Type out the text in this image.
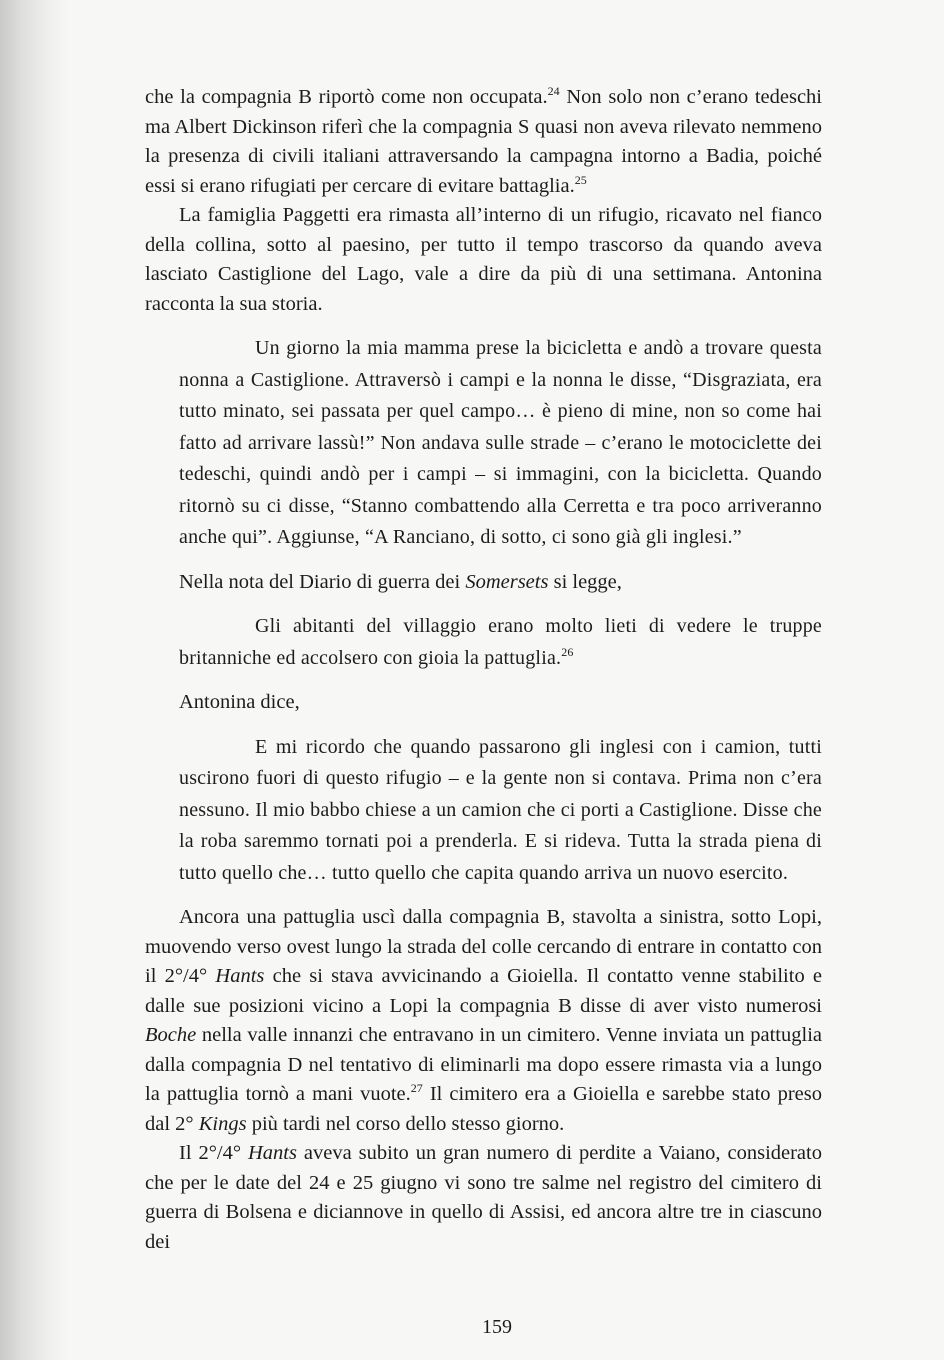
che la compagnia B riportò come non occupata.$^{24}$ Non solo non c’erano tedeschi ma Albert Dickinson riferì che la compagnia S quasi non aveva rilevato nemmeno la presenza di civili italiani attraversando la campagna intorno a Badia, poiché essi si erano rifugiati per cercare di evitare battaglia.$^{25}$

La famiglia Paggetti era rimasta all’interno di un rifugio, ricavato nel fianco della collina, sotto al paesino, per tutto il tempo trascorso da quando aveva lasciato Castiglione del Lago, vale a dire da più di una settimana. Antonina racconta la sua storia.

Un giorno la mia mamma prese la bicicletta e andò a trovare questa nonna a Castiglione. Attraversò i campi e la nonna le disse, “Disgraziata, era tutto minato, sei passata per quel campo… è pieno di mine, non so come hai fatto ad arrivare lassù!” Non andava sulle strade – c’erano le motociclette dei tedeschi, quindi andò per i campi – si immagini, con la bicicletta. Quando ritornò su ci disse, “Stanno combattendo alla Cerretta e tra poco arriveranno anche qui”. Aggiunse, “A Ranciano, di sotto, ci sono già gli inglesi.”

Nella nota del Diario di guerra dei Somersets si legge,

Gli abitanti del villaggio erano molto lieti di vedere le truppe britanniche ed accolsero con gioia la pattuglia.$^{26}$

Antonina dice,

E mi ricordo che quando passarono gli inglesi con i camion, tutti uscirono fuori di questo rifugio – e la gente non si contava. Prima non c’era nessuno. Il mio babbo chiese a un camion che ci porti a Castiglione. Disse che la roba saremmo tornati poi a prenderla. E si rideva. Tutta la strada piena di tutto quello che… tutto quello che capita quando arriva un nuovo esercito.

Ancora una pattuglia uscì dalla compagnia B, stavolta a sinistra, sotto Lopi, muovendo verso ovest lungo la strada del colle cercando di entrare in contatto con il 2°/4° Hants che si stava avvicinando a Gioiella. Il contatto venne stabilito e dalle sue posizioni vicino a Lopi la compagnia B disse di aver visto numerosi Boche nella valle innanzi che entravano in un cimitero. Venne inviata un pattuglia dalla compagnia D nel tentativo di eliminarli ma dopo essere rimasta via a lungo la pattuglia tornò a mani vuote.$^{27}$ Il cimitero era a Gioiella e sarebbe stato preso dal 2° Kings più tardi nel corso dello stesso giorno.

Il 2°/4° Hants aveva subito un gran numero di perdite a Vaiano, considerato che per le date del 24 e 25 giugno vi sono tre salme nel registro del cimitero di guerra di Bolsena e diciannove in quello di Assisi, ed ancora altre tre in ciascuno dei

159
